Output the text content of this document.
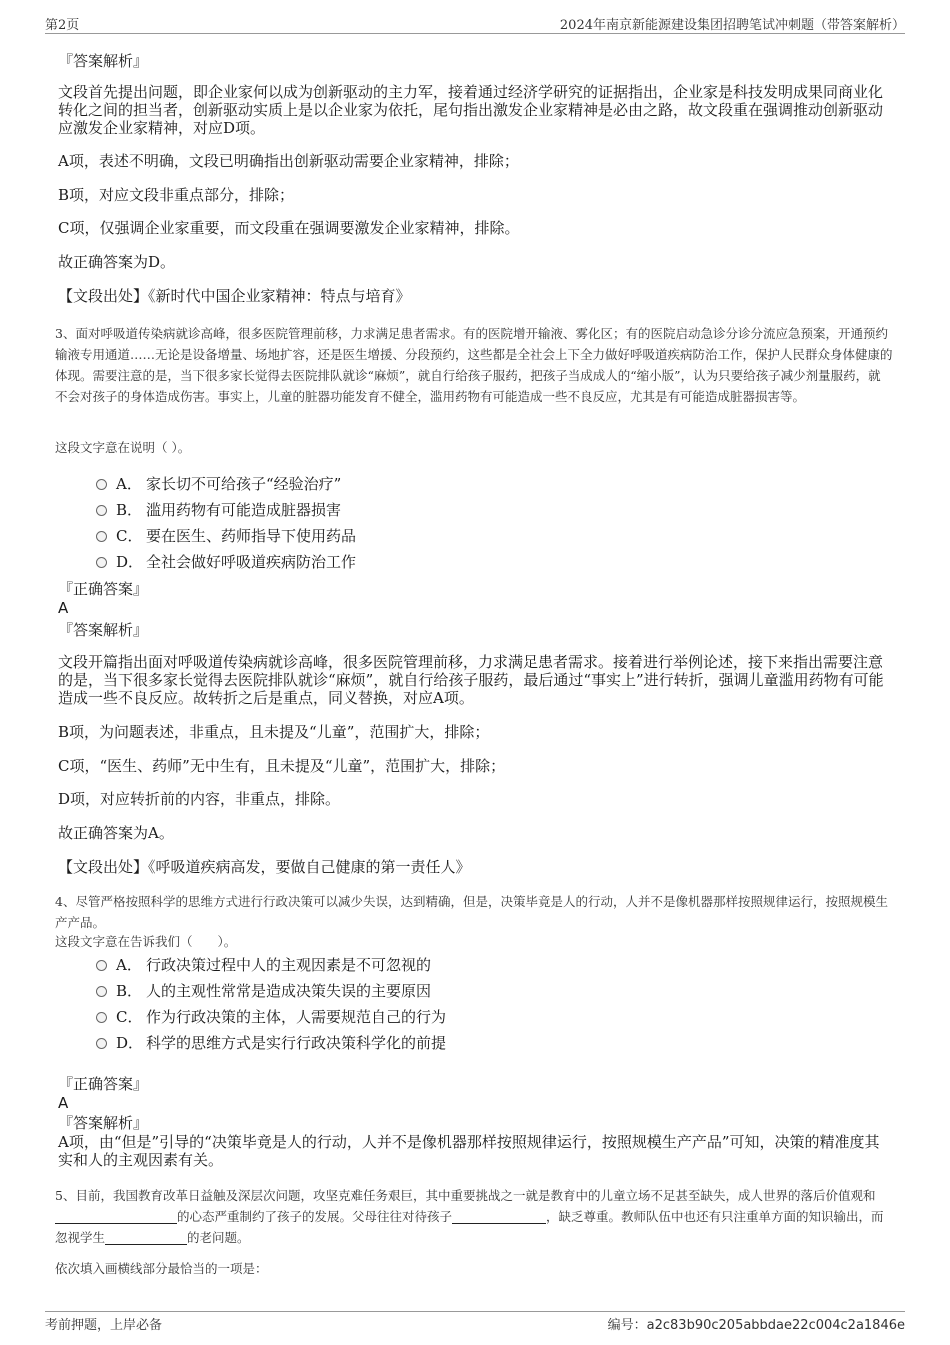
第2页	2024年南京新能源建设集团招聘笔试冲刺题（带答案解析）
『答案解析』
文段首先提出问题，即企业家何以成为创新驱动的主力军，接着通过经济学研究的证据指出，企业家是科技发明成果同商业化转化之间的担当者，创新驱动实质上是以企业家为依托，尾句指出激发企业家精神是必由之路，故文段重在强调推动创新驱动应激发企业家精神，对应D项。
A项，表述不明确，文段已明确指出创新驱动需要企业家精神，排除；
B项，对应文段非重点部分，排除；
C项，仅强调企业家重要，而文段重在强调要激发企业家精神，排除。
故正确答案为D。
【文段出处】《新时代中国企业家精神：特点与培育》
3、面对呼吸道传染病就诊高峰，很多医院管理前移，力求满足患者需求。有的医院增开输液、雾化区；有的医院启动急诊分诊分流应急预案，开通预约输液专用通道……无论是设备增量、场地扩容，还是医生增援、分段预约，这些都是全社会上下全力做好呼吸道疾病防治工作，保护人民群众身体健康的体现。需要注意的是，当下很多家长觉得去医院排队就诊“麻烦”，就自行给孩子服药，把孩子当成成人的“缩小版”，认为只要给孩子减少剂量服药，就不会对孩子的身体造成伤害。事实上，儿童的脏器功能发育不健全，滥用药物有可能造成一些不良反应，尤其是有可能造成脏器损害等。
这段文字意在说明（ ）。
A． 家长切不可给孩子“经验治疗”
B． 滥用药物有可能造成脏器损害
C． 要在医生、药师指导下使用药品
D． 全社会做好呼吸道疾病防治工作
『正确答案』
A
『答案解析』
文段开篇指出面对呼吸道传染病就诊高峰，很多医院管理前移，力求满足患者需求。接着进行举例论述，接下来指出需要注意的是，当下很多家长觉得去医院排队就诊“麻烦”，就自行给孩子服药，最后通过“事实上”进行转折，强调儿童滥用药物有可能造成一些不良反应。故转折之后是重点，同义替换，对应A项。
B项，为问题表述，非重点，且未提及“儿童”，范围扩大，排除；
C项，“医生、药师”无中生有，且未提及“儿童”，范围扩大，排除；
D项，对应转折前的内容，非重点，排除。
故正确答案为A。
【文段出处】《呼吸道疾病高发，要做自己健康的第一责任人》
4、尽管严格按照科学的思维方式进行行政决策可以减少失误，达到精确，但是，决策毕竟是人的行动，人并不是像机器那样按照规律运行，按照规模生产产品。
这段文字意在告诉我们（　　）。
A． 行政决策过程中人的主观因素是不可忽视的
B． 人的主观性常常是造成决策失误的主要原因
C． 作为行政决策的主体，人需要规范自己的行为
D． 科学的思维方式是实行行政决策科学化的前提
『正确答案』
A
『答案解析』
A项，由“但是”引导的“决策毕竟是人的行动，人并不是像机器那样按照规律运行，按照规模生产产品”可知，决策的精准度其实和人的主观因素有关。
5、目前，我国教育改革日益触及深层次问题，攻坚克难任务艰巨，其中重要挑战之一就是教育中的儿童立场不足甚至缺失，成人世界的落后价值观和的心态严重制约了孩子的发展。父母往往对待孩子	，缺乏尊重。教师队伍中也还有只注重单方面的知识输出，而忽视学生	的老问题。
依次填入画横线部分最恰当的一项是：
考前押题，上岸必备	编号：a2c83b90c205abbdae22c004c2a1846e
